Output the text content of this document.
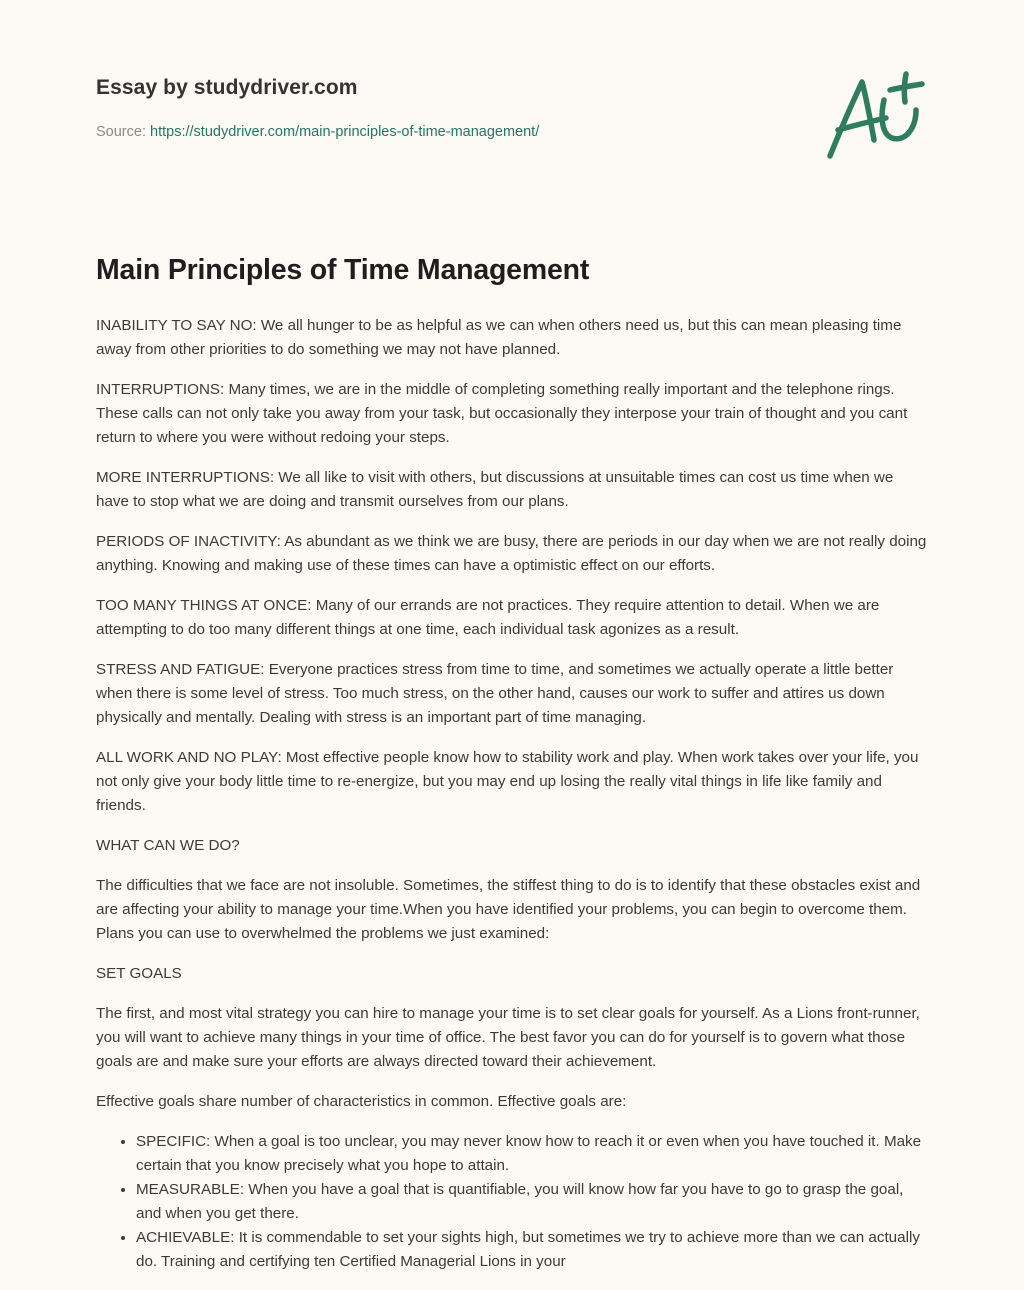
Essay by studydriver.com
Source: https://studydriver.com/main-principles-of-time-management/
Main Principles of Time Management

INABILITY TO SAY NO: We all hunger to be as helpful as we can when others need us, but this can mean pleasing time away from other priorities to do something we may not have planned.

INTERRUPTIONS: Many times, we are in the middle of completing something really important and the telephone rings. These calls can not only take you away from your task, but occasionally they interpose your train of thought and you cant return to where you were without redoing your steps.

MORE INTERRUPTIONS: We all like to visit with others, but discussions at unsuitable times can cost us time when we have to stop what we are doing and transmit ourselves from our plans.

PERIODS OF INACTIVITY: As abundant as we think we are busy, there are periods in our day when we are not really doing anything. Knowing and making use of these times can have a optimistic effect on our efforts.

TOO MANY THINGS AT ONCE: Many of our errands are not practices. They require attention to detail. When we are attempting to do too many different things at one time, each individual task agonizes as a result.

STRESS AND FATIGUE: Everyone practices stress from time to time, and sometimes we actually operate a little better when there is some level of stress. Too much stress, on the other hand, causes our work to suffer and attires us down physically and mentally. Dealing with stress is an important part of time managing.

ALL WORK AND NO PLAY: Most effective people know how to stability work and play. When work takes over your life, you not only give your body little time to re-energize, but you may end up losing the really vital things in life like family and friends.

WHAT CAN WE DO?

The difficulties that we face are not insoluble. Sometimes, the stiffest thing to do is to identify that these obstacles exist and are affecting your ability to manage your time.When you have identified your problems, you can begin to overcome them. Plans you can use to overwhelmed the problems we just examined:

SET GOALS

The first, and most vital strategy you can hire to manage your time is to set clear goals for yourself. As a Lions front-runner, you will want to achieve many things in your time of office. The best favor you can do for yourself is to govern what those goals are and make sure your efforts are always directed toward their achievement.

Effective goals share number of characteristics in common. Effective goals are:

• SPECIFIC: When a goal is too unclear, you may never know how to reach it or even when you have touched it. Make certain that you know precisely what you hope to attain.
• MEASURABLE: When you have a goal that is quantifiable, you will know how far you have to go to grasp the goal, and when you get there.
• ACHIEVABLE: It is commendable to set your sights high, but sometimes we try to achieve more than we can actually do. Training and certifying ten Certified Managerial Lions in your
